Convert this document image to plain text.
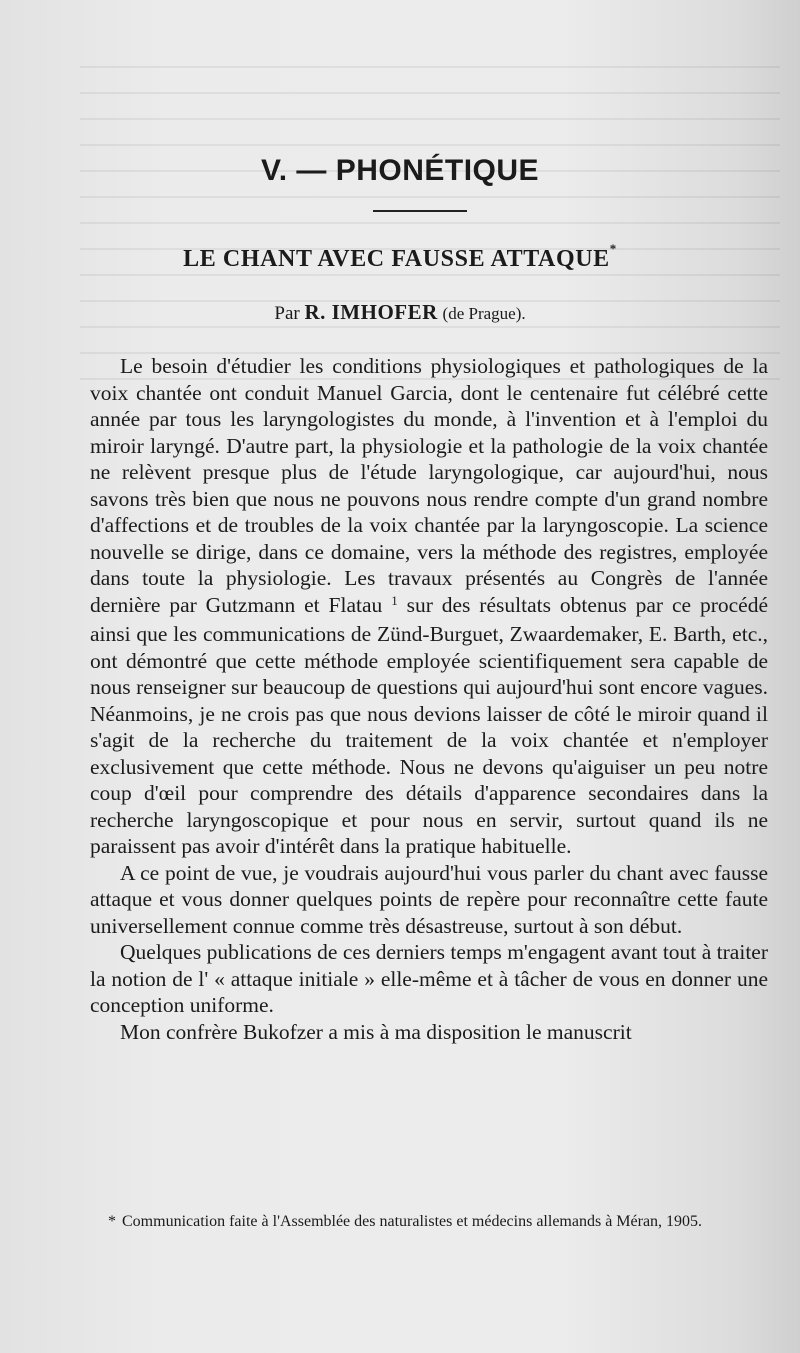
V. — PHONÉTIQUE
LE CHANT AVEC FAUSSE ATTAQUE*
Par R. IMHOFER (de Prague).

Le besoin d'étudier les conditions physiologiques et pathologiques de la voix chantée ont conduit Manuel Garcia, dont le centenaire fut célébré cette année par tous les laryngologistes du monde, à l'invention et à l'emploi du miroir laryngé. D'autre part, la physiologie et la pathologie de la voix chantée ne relèvent presque plus de l'étude laryngologique, car aujourd'hui, nous savons très bien que nous ne pouvons nous rendre compte d'un grand nombre d'affections et de troubles de la voix chantée par la laryngoscopie. La science nouvelle se dirige, dans ce domaine, vers la méthode des registres, employée dans toute la physiologie. Les travaux présentés au Congrès de l'année dernière par Gutzmann et Flatau $^1$ sur des résultats obtenus par ce procédé ainsi que les communications de Zünd-Burguet, Zwaardemaker, E. Barth, etc., ont démontré que cette méthode employée scientifiquement sera capable de nous renseigner sur beaucoup de questions qui aujourd'hui sont encore vagues. Néanmoins, je ne crois pas que nous devions laisser de côté le miroir quand il s'agit de la recherche du traitement de la voix chantée et n'employer exclusivement que cette méthode. Nous ne devons qu'aiguiser un peu notre coup d'œil pour comprendre des détails d'apparence secondaires dans la recherche laryngoscopique et pour nous en servir, surtout quand ils ne paraissent pas avoir d'intérêt dans la pratique habituelle.

A ce point de vue, je voudrais aujourd'hui vous parler du chant avec fausse attaque et vous donner quelques points de repère pour reconnaître cette faute universellement connue comme très désastreuse, surtout à son début.

Quelques publications de ces derniers temps m'engagent avant tout à traiter la notion de l' « attaque initiale » elle-même et à tâcher de vous en donner une conception uniforme.

Mon confrère Bukofzer a mis à ma disposition le manuscrit

* Communication faite à l'Assemblée des naturalistes et médecins allemands à Méran, 1905.
